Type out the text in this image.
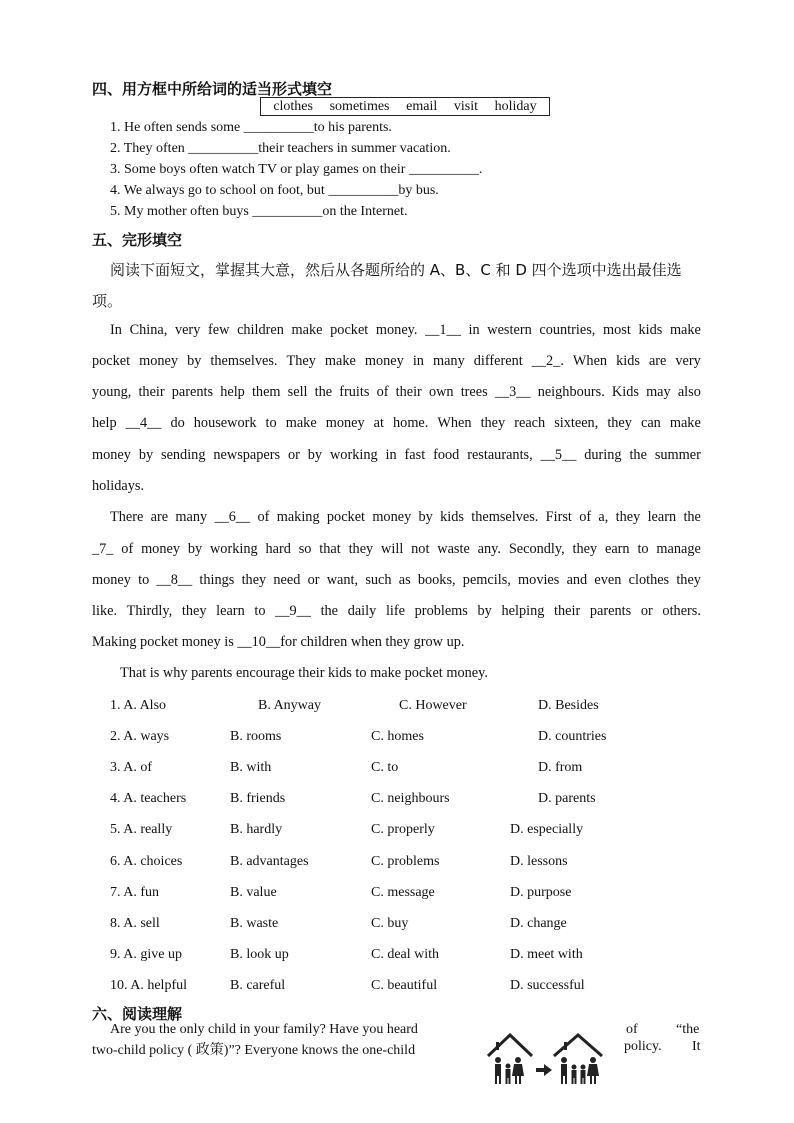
四、用方框中所给词的适当形式填空
clothes sometimes email visit holiday
1. He often sends some __________to his parents.
2. They often __________their teachers in summer vacation.
3. Some boys often watch TV or play games on their __________.
4. We always go to school on foot, but __________by bus.
5. My mother often buys __________on the Internet.
五、完形填空
阅读下面短文，掌握其大意，然后从各题所给的 A、B、C 和 D 四个选项中选出最佳选
项。
In China, very few children make pocket money. __1__ in western countries, most kids make
pocket money by themselves. They make money in many different __2_. When kids are very
young, their parents help them sell the fruits of their own trees __3__ neighbours. Kids may also
help __4__ do housework to make money at home. When they reach sixteen, they can make
money by sending newspapers or by working in fast food restaurants, __5__ during the summer
holidays.
There are many __6__ of making pocket money by kids themselves. First of a, they learn the
_7_ of money by working hard so that they will not waste any. Secondly, they earn to manage
money to __8__ things they need or want, such as books, pemcils, movies and even clothes they
like. Thirdly, they learn to __9__ the daily life problems by helping their parents or others.
Making pocket money is __10__for children when they grow up.
That is why parents encourage their kids to make pocket money.
1. A. Also	B. Anyway	C. However	D. Besides
2. A. ways	B. rooms	C. homes	D. countries
3. A. of	B. with	C. to	D. from
4. A. teachers	B. friends	C. neighbours	D. parents
5. A. really	B. hardly	C. properly	D. especially
6. A. choices	B. advantages	C. problems	D. lessons
7. A. fun	B. value	C. message	D. purpose
8. A. sell	B. waste	C. buy	D. change
9. A. give up	B. look up	C. deal with	D. meet with
10. A. helpful	B. careful	C. beautiful	D. successful
六、阅读理解
Are you the only child in your family? Have you heard	of	“the
two-child policy ( 政策)”? Everyone knows the one-child	policy. It
